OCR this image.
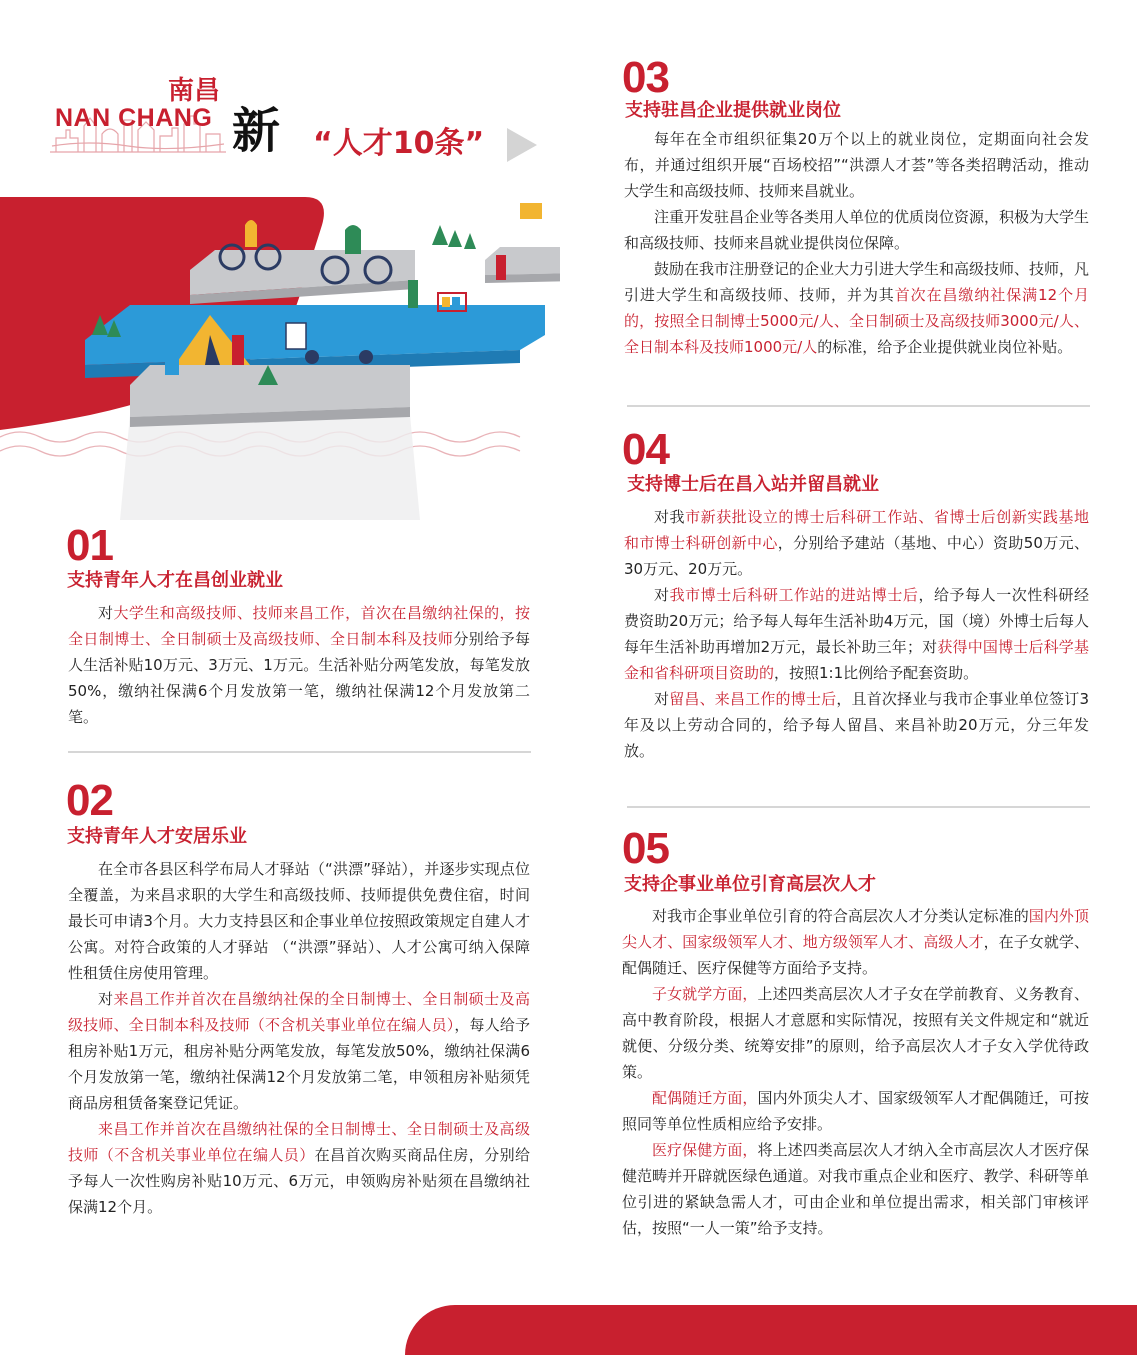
南昌
NAN CHANG 新 “人才10条”
01
支持青年人才在昌创业就业

对大学生和高级技师、技师来昌工作，首次在昌缴纳社保的，按全日制博士、全日制硕士及高级技师、全日制本科及技师分别给予每人生活补贴10万元、3万元、1万元。生活补贴分两笔发放，每笔发放50%，缴纳社保满6个月发放第一笔，缴纳社保满12个月发放第二笔。

02
支持青年人才安居乐业

在全市各县区科学布局人才驿站（“洪漂”驿站），并逐步实现点位全覆盖，为来昌求职的大学生和高级技师、技师提供免费住宿，时间最长可申请3个月。大力支持县区和企事业单位按照政策规定自建人才公寓。对符合政策的人才驿站 （“洪漂”驿站）、人才公寓可纳入保障性租赁住房使用管理。

对来昌工作并首次在昌缴纳社保的全日制博士、全日制硕士及高级技师、全日制本科及技师（不含机关事业单位在编人员），每人给予租房补贴1万元，租房补贴分两笔发放，每笔发放50%，缴纳社保满6个月发放第一笔，缴纳社保满12个月发放第二笔，申领租房补贴须凭商品房租赁备案登记凭证。

来昌工作并首次在昌缴纳社保的全日制博士、全日制硕士及高级技师（不含机关事业单位在编人员）在昌首次购买商品住房，分别给予每人一次性购房补贴10万元、6万元，申领购房补贴须在昌缴纳社保满12个月。

03
支持驻昌企业提供就业岗位

每年在全市组织征集20万个以上的就业岗位，定期面向社会发布，并通过组织开展“百场校招”“洪漂人才荟”等各类招聘活动，推动大学生和高级技师、技师来昌就业。

注重开发驻昌企业等各类用人单位的优质岗位资源，积极为大学生和高级技师、技师来昌就业提供岗位保障。

鼓励在我市注册登记的企业大力引进大学生和高级技师、技师，凡引进大学生和高级技师、技师，并为其首次在昌缴纳社保满12个月的，按照全日制博士5000元/人、全日制硕士及高级技师3000元/人、全日制本科及技师1000元/人的标准，给予企业提供就业岗位补贴。

04
支持博士后在昌入站并留昌就业

对我市新获批设立的博士后科研工作站、省博士后创新实践基地和市博士科研创新中心，分别给予建站（基地、中心）资助50万元、30万元、20万元。

对我市博士后科研工作站的进站博士后，给予每人一次性科研经费资助20万元；给予每人每年生活补助4万元，国（境）外博士后每人每年生活补助再增加2万元，最长补助三年；对获得中国博士后科学基金和省科研项目资助的，按照1:1比例给予配套资助。

对留昌、来昌工作的博士后，且首次择业与我市企事业单位签订3年及以上劳动合同的，给予每人留昌、来昌补助20万元，分三年发放。

05
支持企事业单位引育高层次人才

对我市企事业单位引育的符合高层次人才分类认定标准的国内外顶尖人才、国家级领军人才、地方级领军人才、高级人才，在子女就学、配偶随迁、医疗保健等方面给予支持。

子女就学方面，上述四类高层次人才子女在学前教育、义务教育、高中教育阶段，根据人才意愿和实际情况，按照有关文件规定和“就近就便、分级分类、统筹安排”的原则，给予高层次人才子女入学优待政策。

配偶随迁方面，国内外顶尖人才、国家级领军人才配偶随迁，可按照同等单位性质相应给予安排。

医疗保健方面，将上述四类高层次人才纳入全市高层次人才医疗保健范畴并开辟就医绿色通道。对我市重点企业和医疗、教学、科研等单位引进的紧缺急需人才，可由企业和单位提出需求，相关部门审核评估，按照“一人一策”给予支持。
